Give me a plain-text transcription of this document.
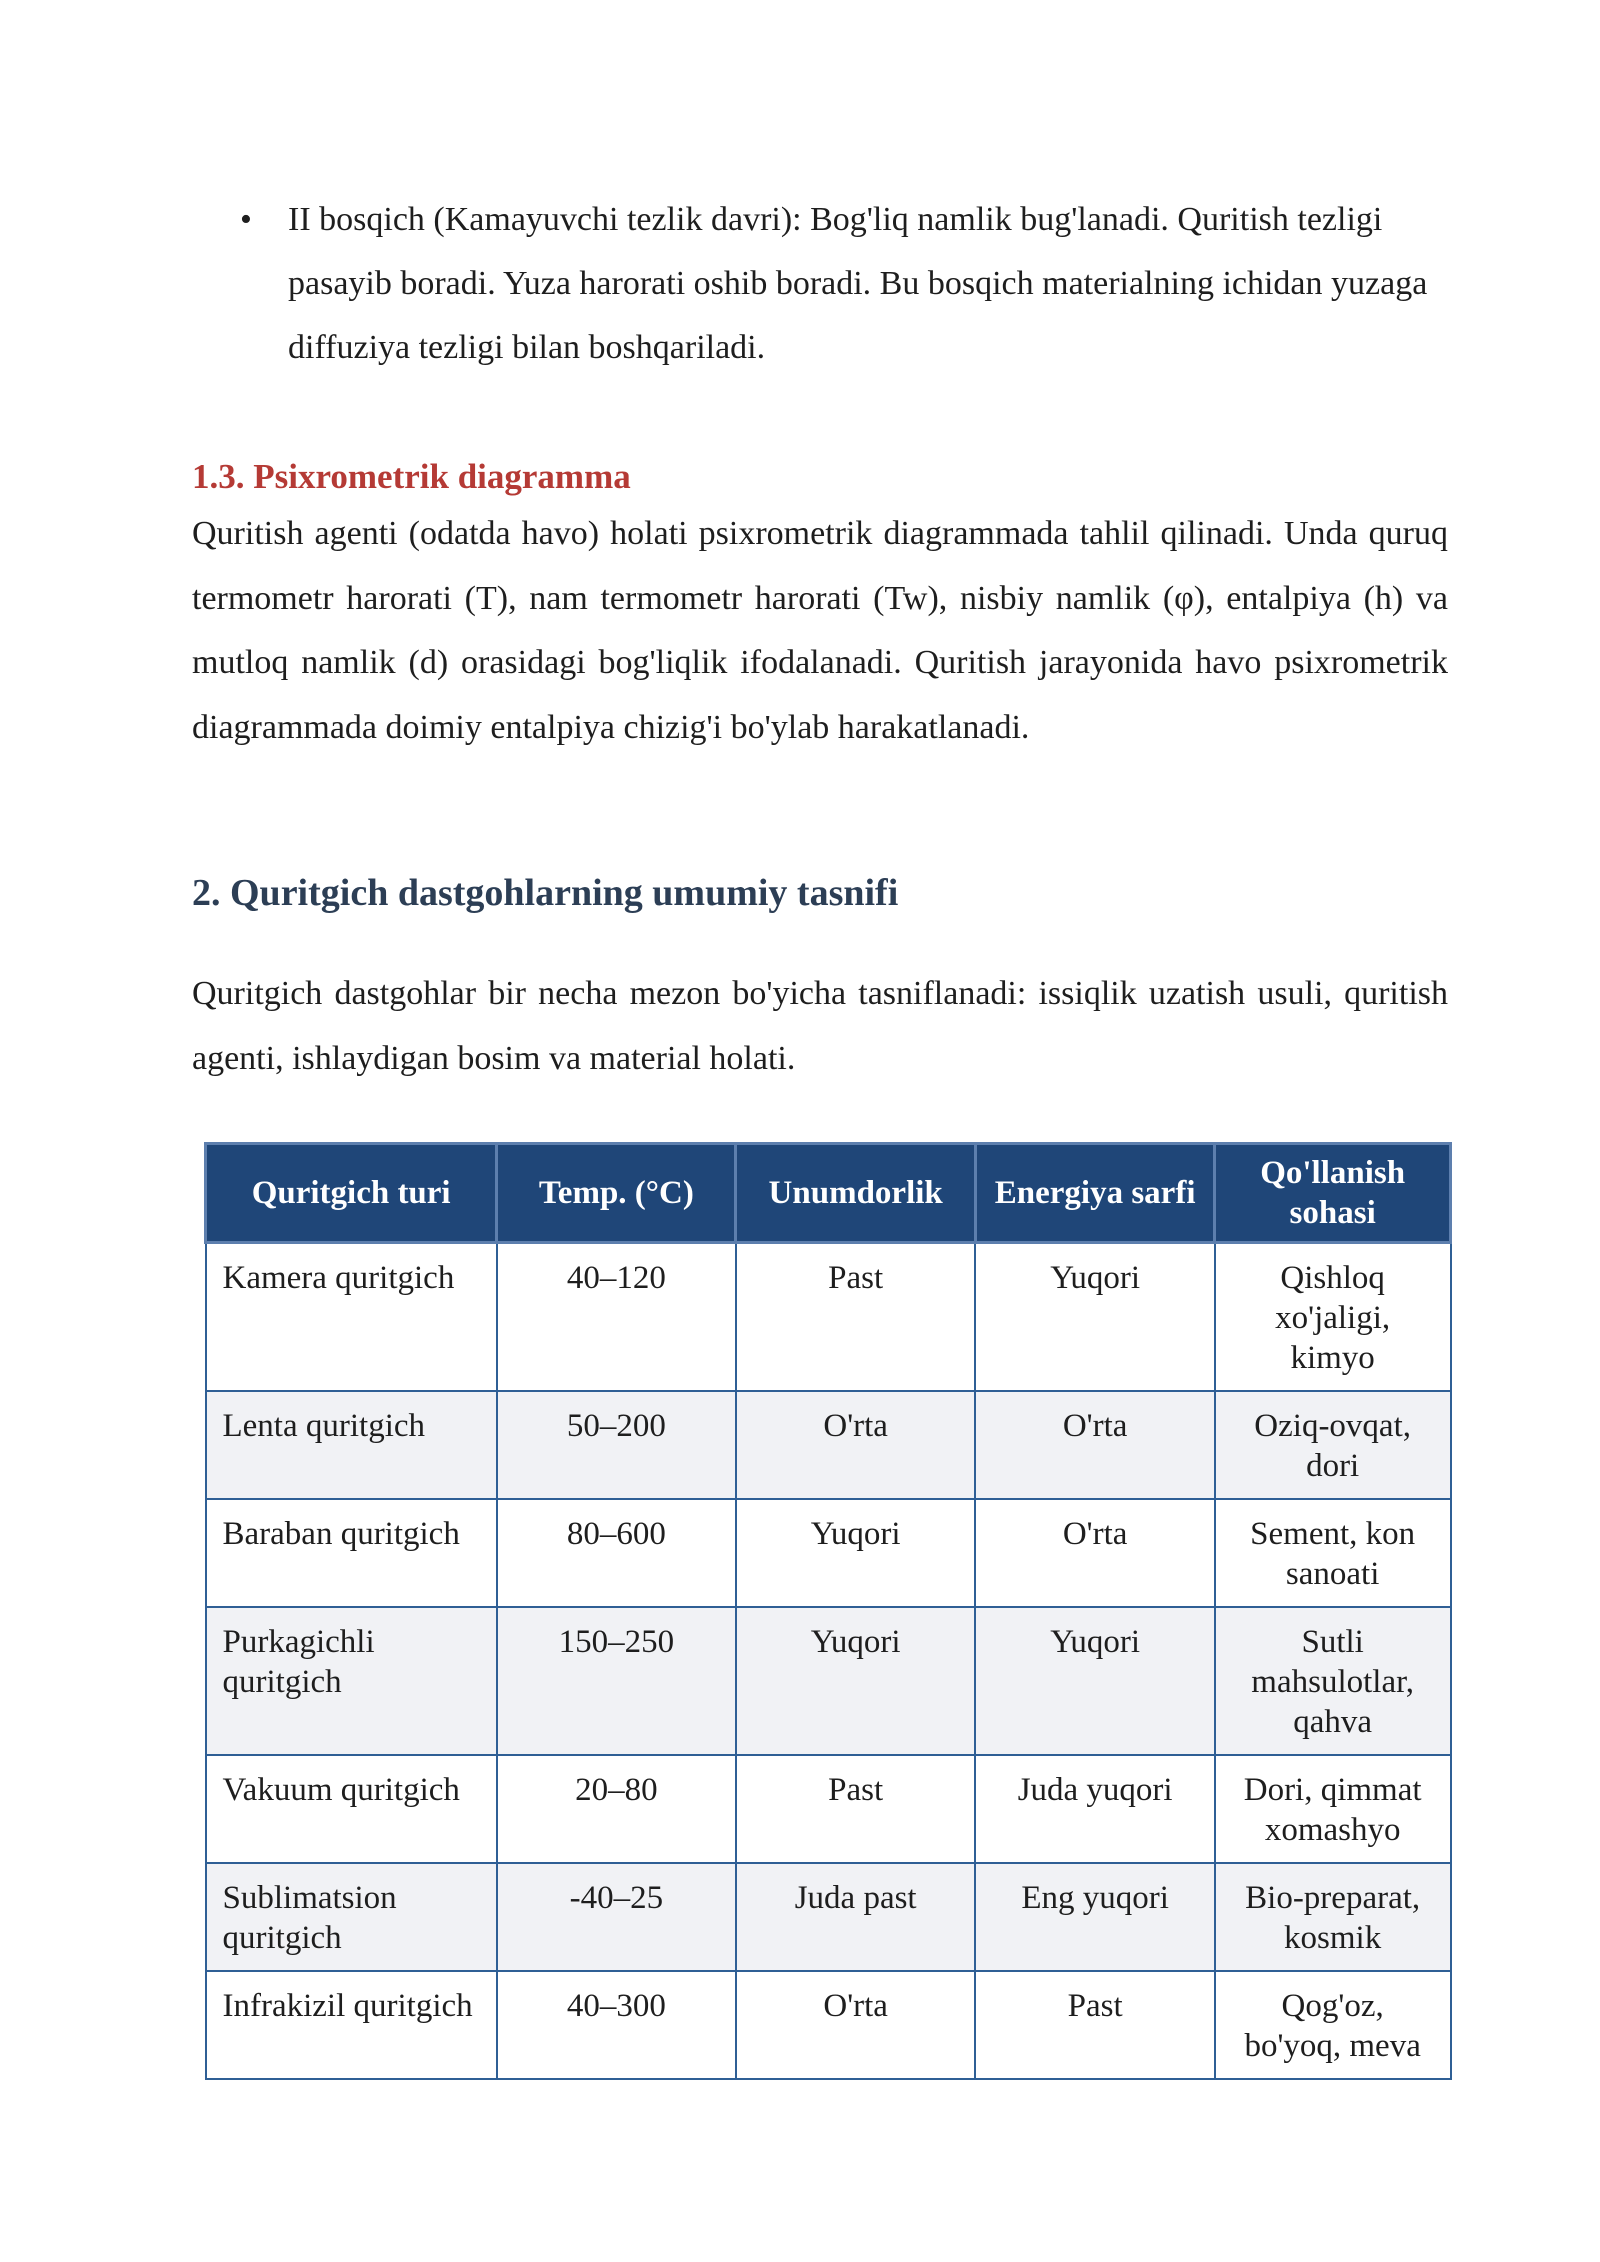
• II bosqich (Kamayuvchi tezlik davri): Bog'liq namlik bug'lanadi. Quritish tezligi pasayib boradi. Yuza harorati oshib boradi. Bu bosqich materialning ichidan yuzaga diffuziya tezligi bilan boshqariladi.
1.3. Psixrometrik diagramma
Quritish agenti (odatda havo) holati psixrometrik diagrammada tahlil qilinadi. Unda quruq termometr harorati (T), nam termometr harorati (Tw), nisbiy namlik (φ), entalpiya (h) va mutloq namlik (d) orasidagi bog'liqlik ifodalanadi. Quritish jarayonida havo psixrometrik diagrammada doimiy entalpiya chizig'i bo'ylab harakatlanadi.
2. Quritgich dastgohlarning umumiy tasnifi
Quritgich dastgohlar bir necha mezon bo'yicha tasniflanadi: issiqlik uzatish usuli, quritish agenti, ishlaydigan bosim va material holati.
Quritgich turi	Temp. (°C)	Unumdorlik	Energiya sarfi	Qo'llanish sohasi
Kamera quritgich	40–120	Past	Yuqori	Qishloq xo'jaligi, kimyo
Lenta quritgich	50–200	O'rta	O'rta	Oziq-ovqat, dori
Baraban quritgich	80–600	Yuqori	O'rta	Sement, kon sanoati
Purkagichli quritgich	150–250	Yuqori	Yuqori	Sutli mahsulotlar, qahva
Vakuum quritgich	20–80	Past	Juda yuqori	Dori, qimmat xomashyo
Sublimatsion quritgich	-40–25	Juda past	Eng yuqori	Bio-preparat, kosmik
Infrakizil quritgich	40–300	O'rta	Past	Qog'oz, bo'yoq, meva
